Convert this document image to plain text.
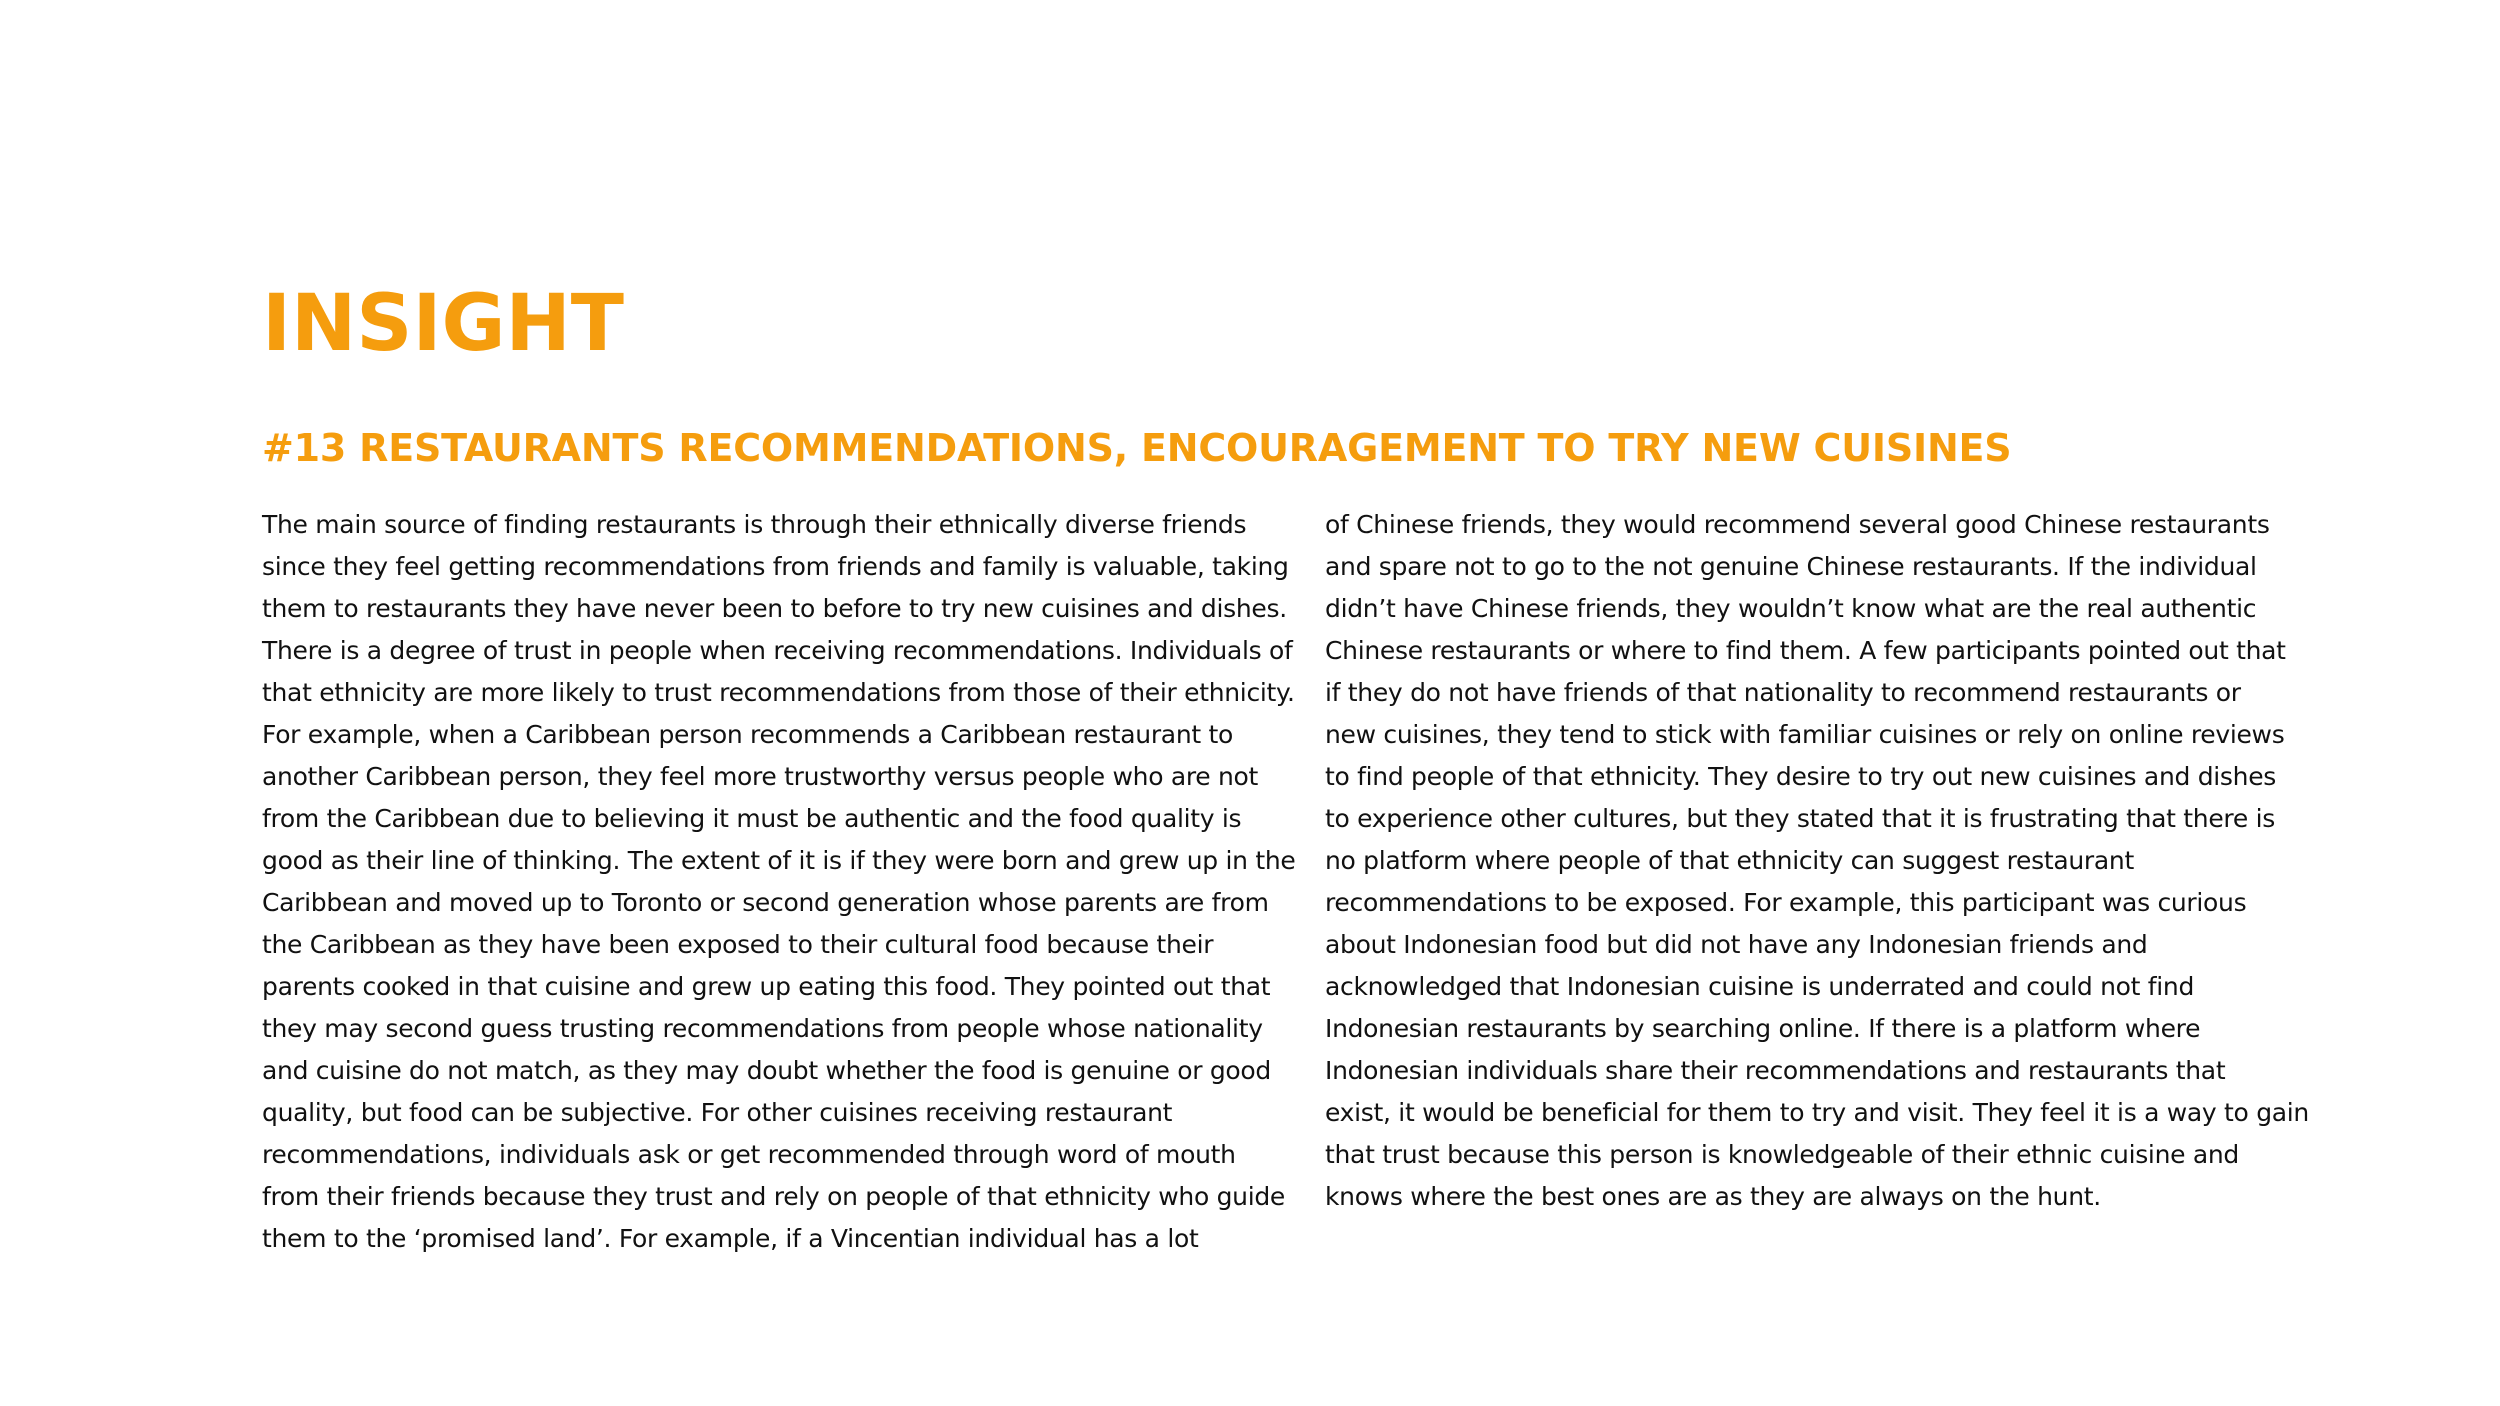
INSIGHT
#13 RESTAURANTS RECOMMENDATIONS, ENCOURAGEMENT TO TRY NEW CUISINES
The main source of finding restaurants is through their ethnically diverse friends
since they feel getting recommendations from friends and family is valuable, taking
them to restaurants they have never been to before to try new cuisines and dishes.
There is a degree of trust in people when receiving recommendations. Individuals of
that ethnicity are more likely to trust recommendations from those of their ethnicity.
For example, when a Caribbean person recommends a Caribbean restaurant to
another Caribbean person, they feel more trustworthy versus people who are not
from the Caribbean due to believing it must be authentic and the food quality is
good as their line of thinking. The extent of it is if they were born and grew up in the
Caribbean and moved up to Toronto or second generation whose parents are from
the Caribbean as they have been exposed to their cultural food because their
parents cooked in that cuisine and grew up eating this food. They pointed out that
they may second guess trusting recommendations from people whose nationality
and cuisine do not match, as they may doubt whether the food is genuine or good
quality, but food can be subjective. For other cuisines receiving restaurant
recommendations, individuals ask or get recommended through word of mouth
from their friends because they trust and rely on people of that ethnicity who guide
them to the ‘promised land’. For example, if a Vincentian individual has a lot
of Chinese friends, they would recommend several good Chinese restaurants
and spare not to go to the not genuine Chinese restaurants. If the individual
didn’t have Chinese friends, they wouldn’t know what are the real authentic
Chinese restaurants or where to find them. A few participants pointed out that
if they do not have friends of that nationality to recommend restaurants or
new cuisines, they tend to stick with familiar cuisines or rely on online reviews
to find people of that ethnicity. They desire to try out new cuisines and dishes
to experience other cultures, but they stated that it is frustrating that there is
no platform where people of that ethnicity can suggest restaurant
recommendations to be exposed. For example, this participant was curious
about Indonesian food but did not have any Indonesian friends and
acknowledged that Indonesian cuisine is underrated and could not find
Indonesian restaurants by searching online. If there is a platform where
Indonesian individuals share their recommendations and restaurants that
exist, it would be beneficial for them to try and visit. They feel it is a way to gain
that trust because this person is knowledgeable of their ethnic cuisine and
knows where the best ones are as they are always on the hunt.
